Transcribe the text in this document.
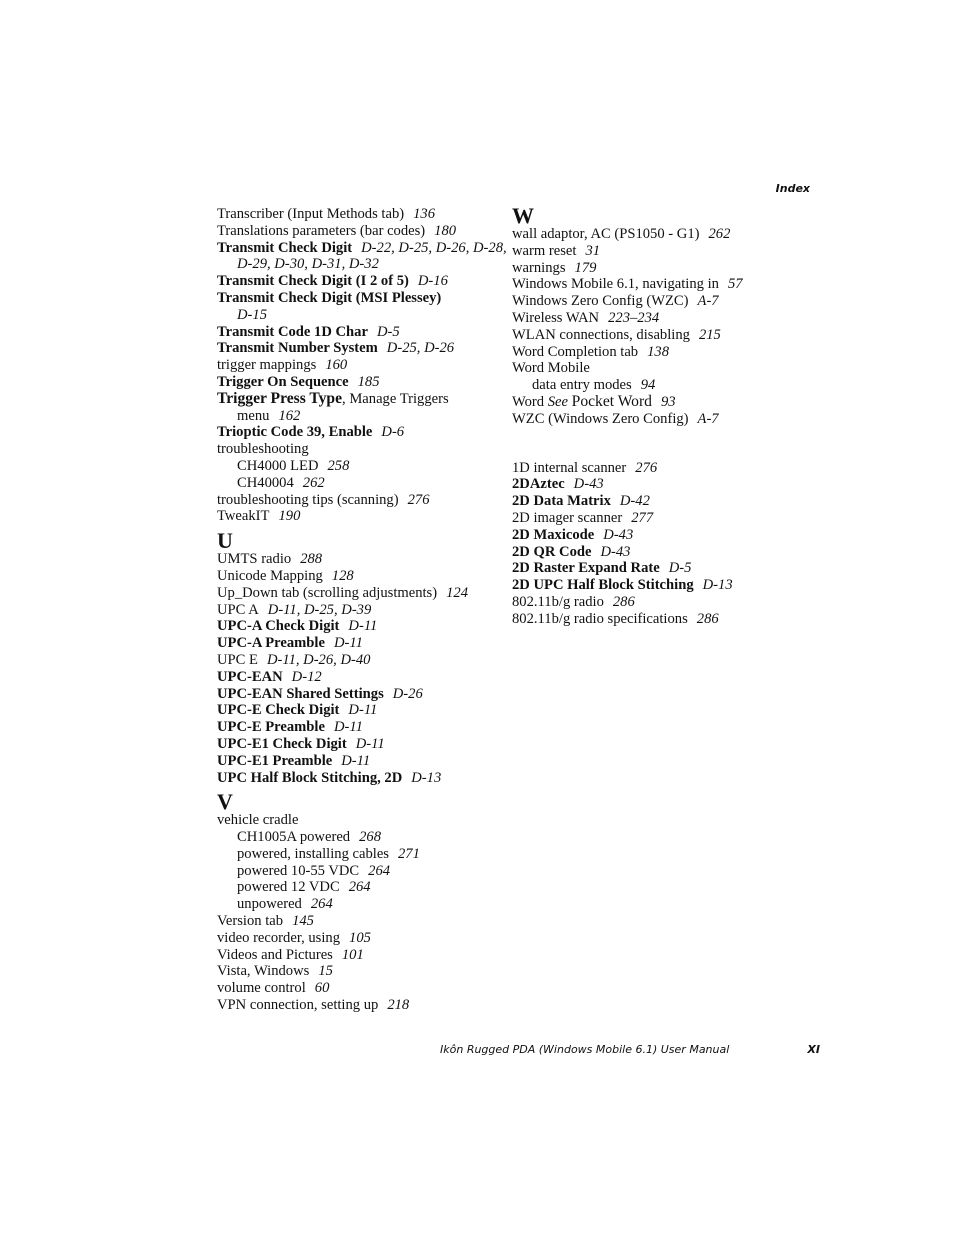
Index
Transcriber (Input Methods tab) 136
Translations parameters (bar codes) 180
Transmit Check Digit D-22, D-25, D-26, D-28, D-29, D-30, D-31, D-32
Transmit Check Digit (I 2 of 5) D-16
Transmit Check Digit (MSI Plessey)
D-15
Transmit Code 1D Char D-5
Transmit Number System D-25, D-26
trigger mappings 160
Trigger On Sequence 185
Trigger Press Type, Manage Triggers menu 162
Trioptic Code 39, Enable D-6
troubleshooting
CH4000 LED 258
CH40004 262
troubleshooting tips (scanning) 276
TweakIT 190
U
UMTS radio 288
Unicode Mapping 128
Up_Down tab (scrolling adjustments) 124
UPC A D-11, D-25, D-39
UPC-A Check Digit D-11
UPC-A Preamble D-11
UPC E D-11, D-26, D-40
UPC-EAN D-12
UPC-EAN Shared Settings D-26
UPC-E Check Digit D-11
UPC-E Preamble D-11
UPC-E1 Check Digit D-11
UPC-E1 Preamble D-11
UPC Half Block Stitching, 2D D-13
V
vehicle cradle
CH1005A powered 268
powered, installing cables 271
powered 10-55 VDC 264
powered 12 VDC 264
unpowered 264
Version tab 145
video recorder, using 105
Videos and Pictures 101
Vista, Windows 15
volume control 60
VPN connection, setting up 218
W
wall adaptor, AC (PS1050 - G1) 262
warm reset 31
warnings 179
Windows Mobile 6.1, navigating in 57
Windows Zero Config (WZC) A-7
Wireless WAN 223–234
WLAN connections, disabling 215
Word Completion tab 138
Word Mobile
data entry modes 94
Word See Pocket Word 93
WZC (Windows Zero Config) A-7
1D internal scanner 276
2DAztec D-43
2D Data Matrix D-42
2D imager scanner 277
2D Maxicode D-43
2D QR Code D-43
2D Raster Expand Rate D-5
2D UPC Half Block Stitching D-13
802.11b/g radio 286
802.11b/g radio specifications 286
Ikôn Rugged PDA (Windows Mobile 6.1) User Manual	XI
